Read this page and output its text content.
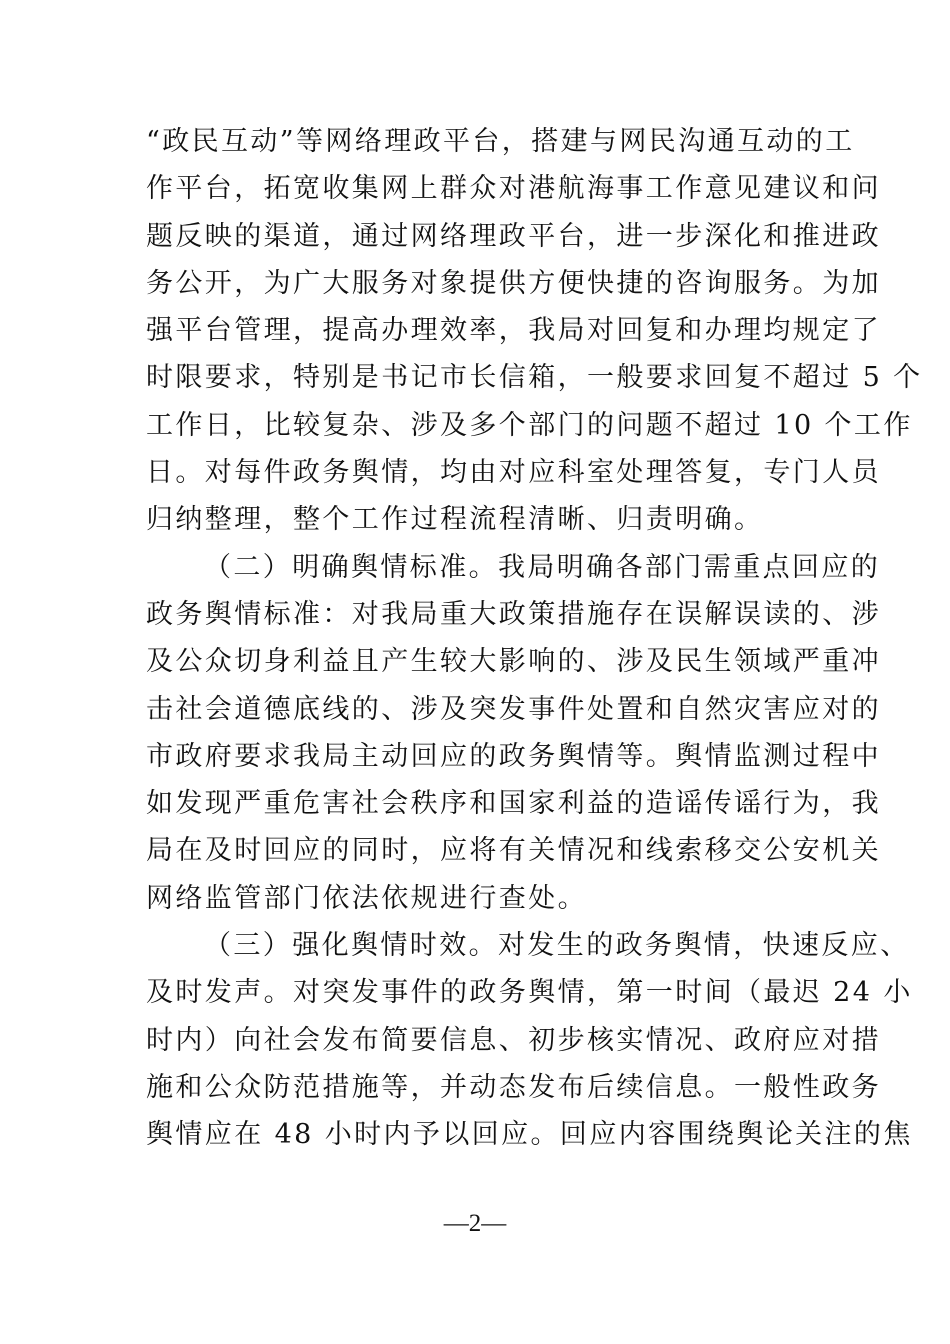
“政民互动”等网络理政平台，搭建与网民沟通互动的工
作平台，拓宽收集网上群众对港航海事工作意见建议和问
题反映的渠道，通过网络理政平台，进一步深化和推进政
务公开，为广大服务对象提供方便快捷的咨询服务。为加
强平台管理，提高办理效率，我局对回复和办理均规定了
时限要求，特别是书记市长信箱，一般要求回复不超过 5 个
工作日，比较复杂、涉及多个部门的问题不超过 10 个工作
日。对每件政务舆情，均由对应科室处理答复，专门人员
归纳整理，整个工作过程流程清晰、归责明确。
（二）明确舆情标准。我局明确各部门需重点回应的
政务舆情标准：对我局重大政策措施存在误解误读的、涉
及公众切身利益且产生较大影响的、涉及民生领域严重冲
击社会道德底线的、涉及突发事件处置和自然灾害应对的
市政府要求我局主动回应的政务舆情等。舆情监测过程中
如发现严重危害社会秩序和国家利益的造谣传谣行为，我
局在及时回应的同时，应将有关情况和线索移交公安机关
网络监管部门依法依规进行查处。
（三）强化舆情时效。对发生的政务舆情，快速反应、
及时发声。对突发事件的政务舆情，第一时间（最迟 24 小
时内）向社会发布简要信息、初步核实情况、政府应对措
施和公众防范措施等，并动态发布后续信息。一般性政务
舆情应在 48 小时内予以回应。回应内容围绕舆论关注的焦
—2—
